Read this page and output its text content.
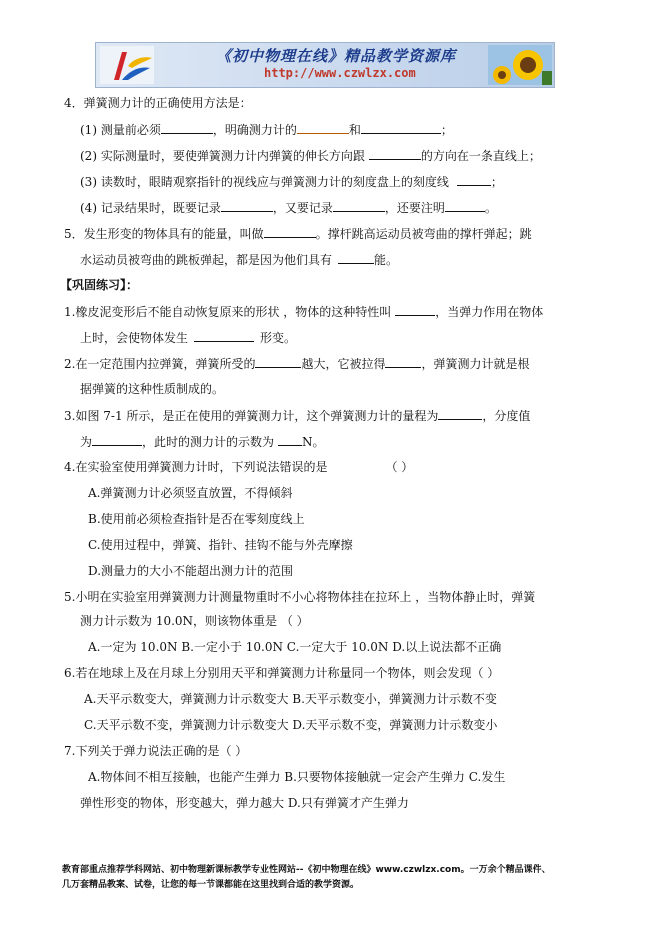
《初中物理在线》精品教学资源库
http://www.czwlzx.com
4．弹簧测力计的正确使用方法是：
(1) 测量前必须	，明确测力计的	和	；
(2) 实际测量时，要使弹簧测力计内弹簧的伸长方向跟	的方向在一条直线上；
(3) 读数时，眼睛观察指针的视线应与弹簧测力计的刻度盘上的刻度线	；
(4) 记录结果时，既要记录	，又要记录	，还要注明	。
5．发生形变的物体具有的能量，叫做	。撑杆跳高运动员被弯曲的撑杆弹起；跳
水运动员被弯曲的跳板弹起，都是因为他们具有	能。
【巩固练习】：
1.橡皮泥变形后不能自动恢复原来的形状 ，物体的这种特性叫	，当弹力作用在物体
上时，会使物体发生	形变。
2.在一定范围内拉弹簧，弹簧所受的	越大，它被拉得	，弹簧测力计就是根
据弹簧的这种性质制成的。
3.如图 7-1 所示，是正在使用的弹簧测力计，这个弹簧测力计的量程为	，分度值
为	，此时的测力计的示数为 N。
4.在实验室使用弹簧测力计时，下列说法错误的是	（ ）
A.弹簧测力计必须竖直放置，不得倾斜
B.使用前必须检查指针是否在零刻度线上
C.使用过程中，弹簧、指针、挂钩不能与外壳摩擦
D.测量力的大小不能超出测力计的范围
5.小明在实验室用弹簧测力计测量物重时不小心将物体挂在拉环上 ，当物体静止时，弹簧
测力计示数为 10.0N，则该物体重是 （ ）
A.一定为 10.0N B.一定小于 10.0N C.一定大于 10.0N D.以上说法都不正确
6.若在地球上及在月球上分别用天平和弹簧测力计称量同一个物体，则会发现（ ）
A.天平示数变大，弹簧测力计示数变大 B.天平示数变小，弹簧测力计示数不变
C.天平示数不变，弹簧测力计示数变大 D.天平示数不变，弹簧测力计示数变小
7.下列关于弹力说法正确的是（ ）
A.物体间不相互接触，也能产生弹力 B.只要物体接触就一定会产生弹力 C.发生
弹性形变的物体，形变越大，弹力越大 D.只有弹簧才产生弹力
教育部重点推荐学科网站、初中物理新课标教学专业性网站--《初中物理在线》www.czwlzx.com。一万余个精品课件、
几万套精品教案、试卷，让您的每一节课都能在这里找到合适的教学资源。
